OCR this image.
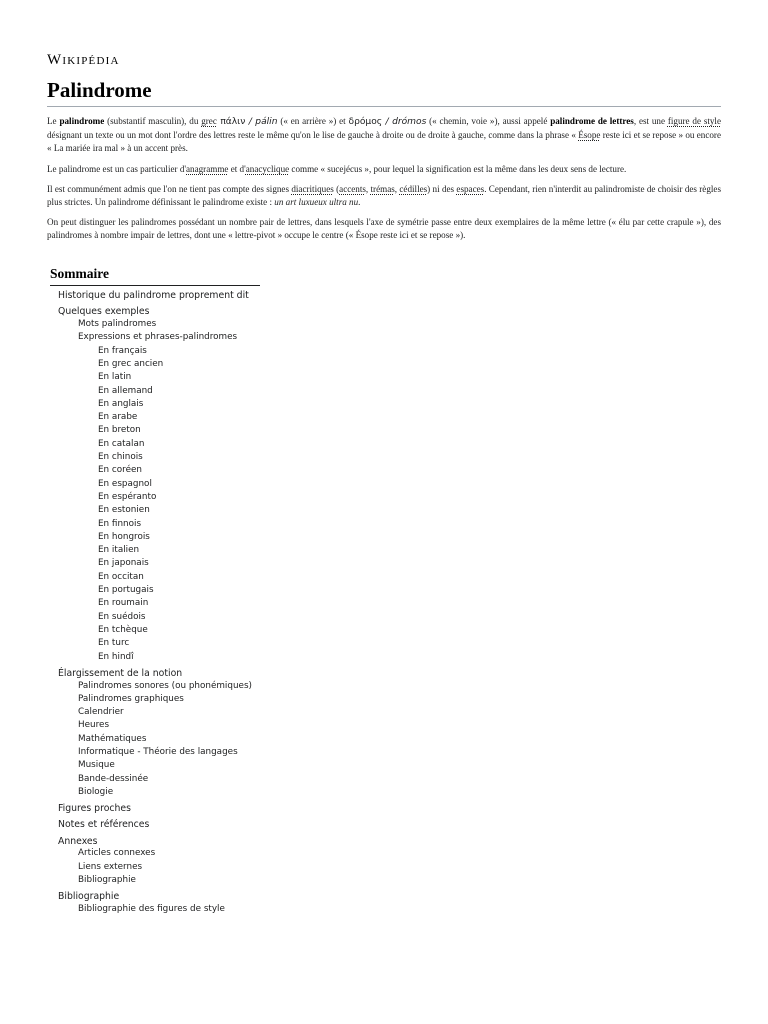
Wikipédia
Palindrome
Le palindrome (substantif masculin), du grec πάλιν / pálin (« en arrière ») et δρόμος / drómos (« chemin, voie »), aussi appelé palindrome de lettres, est une figure de style désignant un texte ou un mot dont l'ordre des lettres reste le même qu'on le lise de gauche à droite ou de droite à gauche, comme dans la phrase « Ésope reste ici et se repose » ou encore « La mariée ira mal » à un accent près.
Le palindrome est un cas particulier d'anagramme et d'anacyclique comme « sucejécus », pour lequel la signification est la même dans les deux sens de lecture.
Il est communément admis que l'on ne tient pas compte des signes diacritiques (accents, trémas, cédilles) ni des espaces. Cependant, rien n'interdit au palindromiste de choisir des règles plus strictes. Un palindrome définissant le palindrome existe : un art luxueux ultra nu.
On peut distinguer les palindromes possédant un nombre pair de lettres, dans lesquels l'axe de symétrie passe entre deux exemplaires de la même lettre (« élu par cette crapule »), des palindromes à nombre impair de lettres, dont une « lettre-pivot » occupe le centre (« Ésope reste ici et se repose »).
Sommaire
Historique du palindrome proprement dit
Quelques exemples
Mots palindromes
Expressions et phrases-palindromes
En français
En grec ancien
En latin
En allemand
En anglais
En arabe
En breton
En catalan
En chinois
En coréen
En espagnol
En espéranto
En estonien
En finnois
En hongrois
En italien
En japonais
En occitan
En portugais
En roumain
En suédois
En tchèque
En turc
En hindî
Élargissement de la notion
Palindromes sonores (ou phonémiques)
Palindromes graphiques
Calendrier
Heures
Mathématiques
Informatique - Théorie des langages
Musique
Bande-dessinée
Biologie
Figures proches
Notes et références
Annexes
Articles connexes
Liens externes
Bibliographie
Bibliographie
Bibliographie des figures de style
